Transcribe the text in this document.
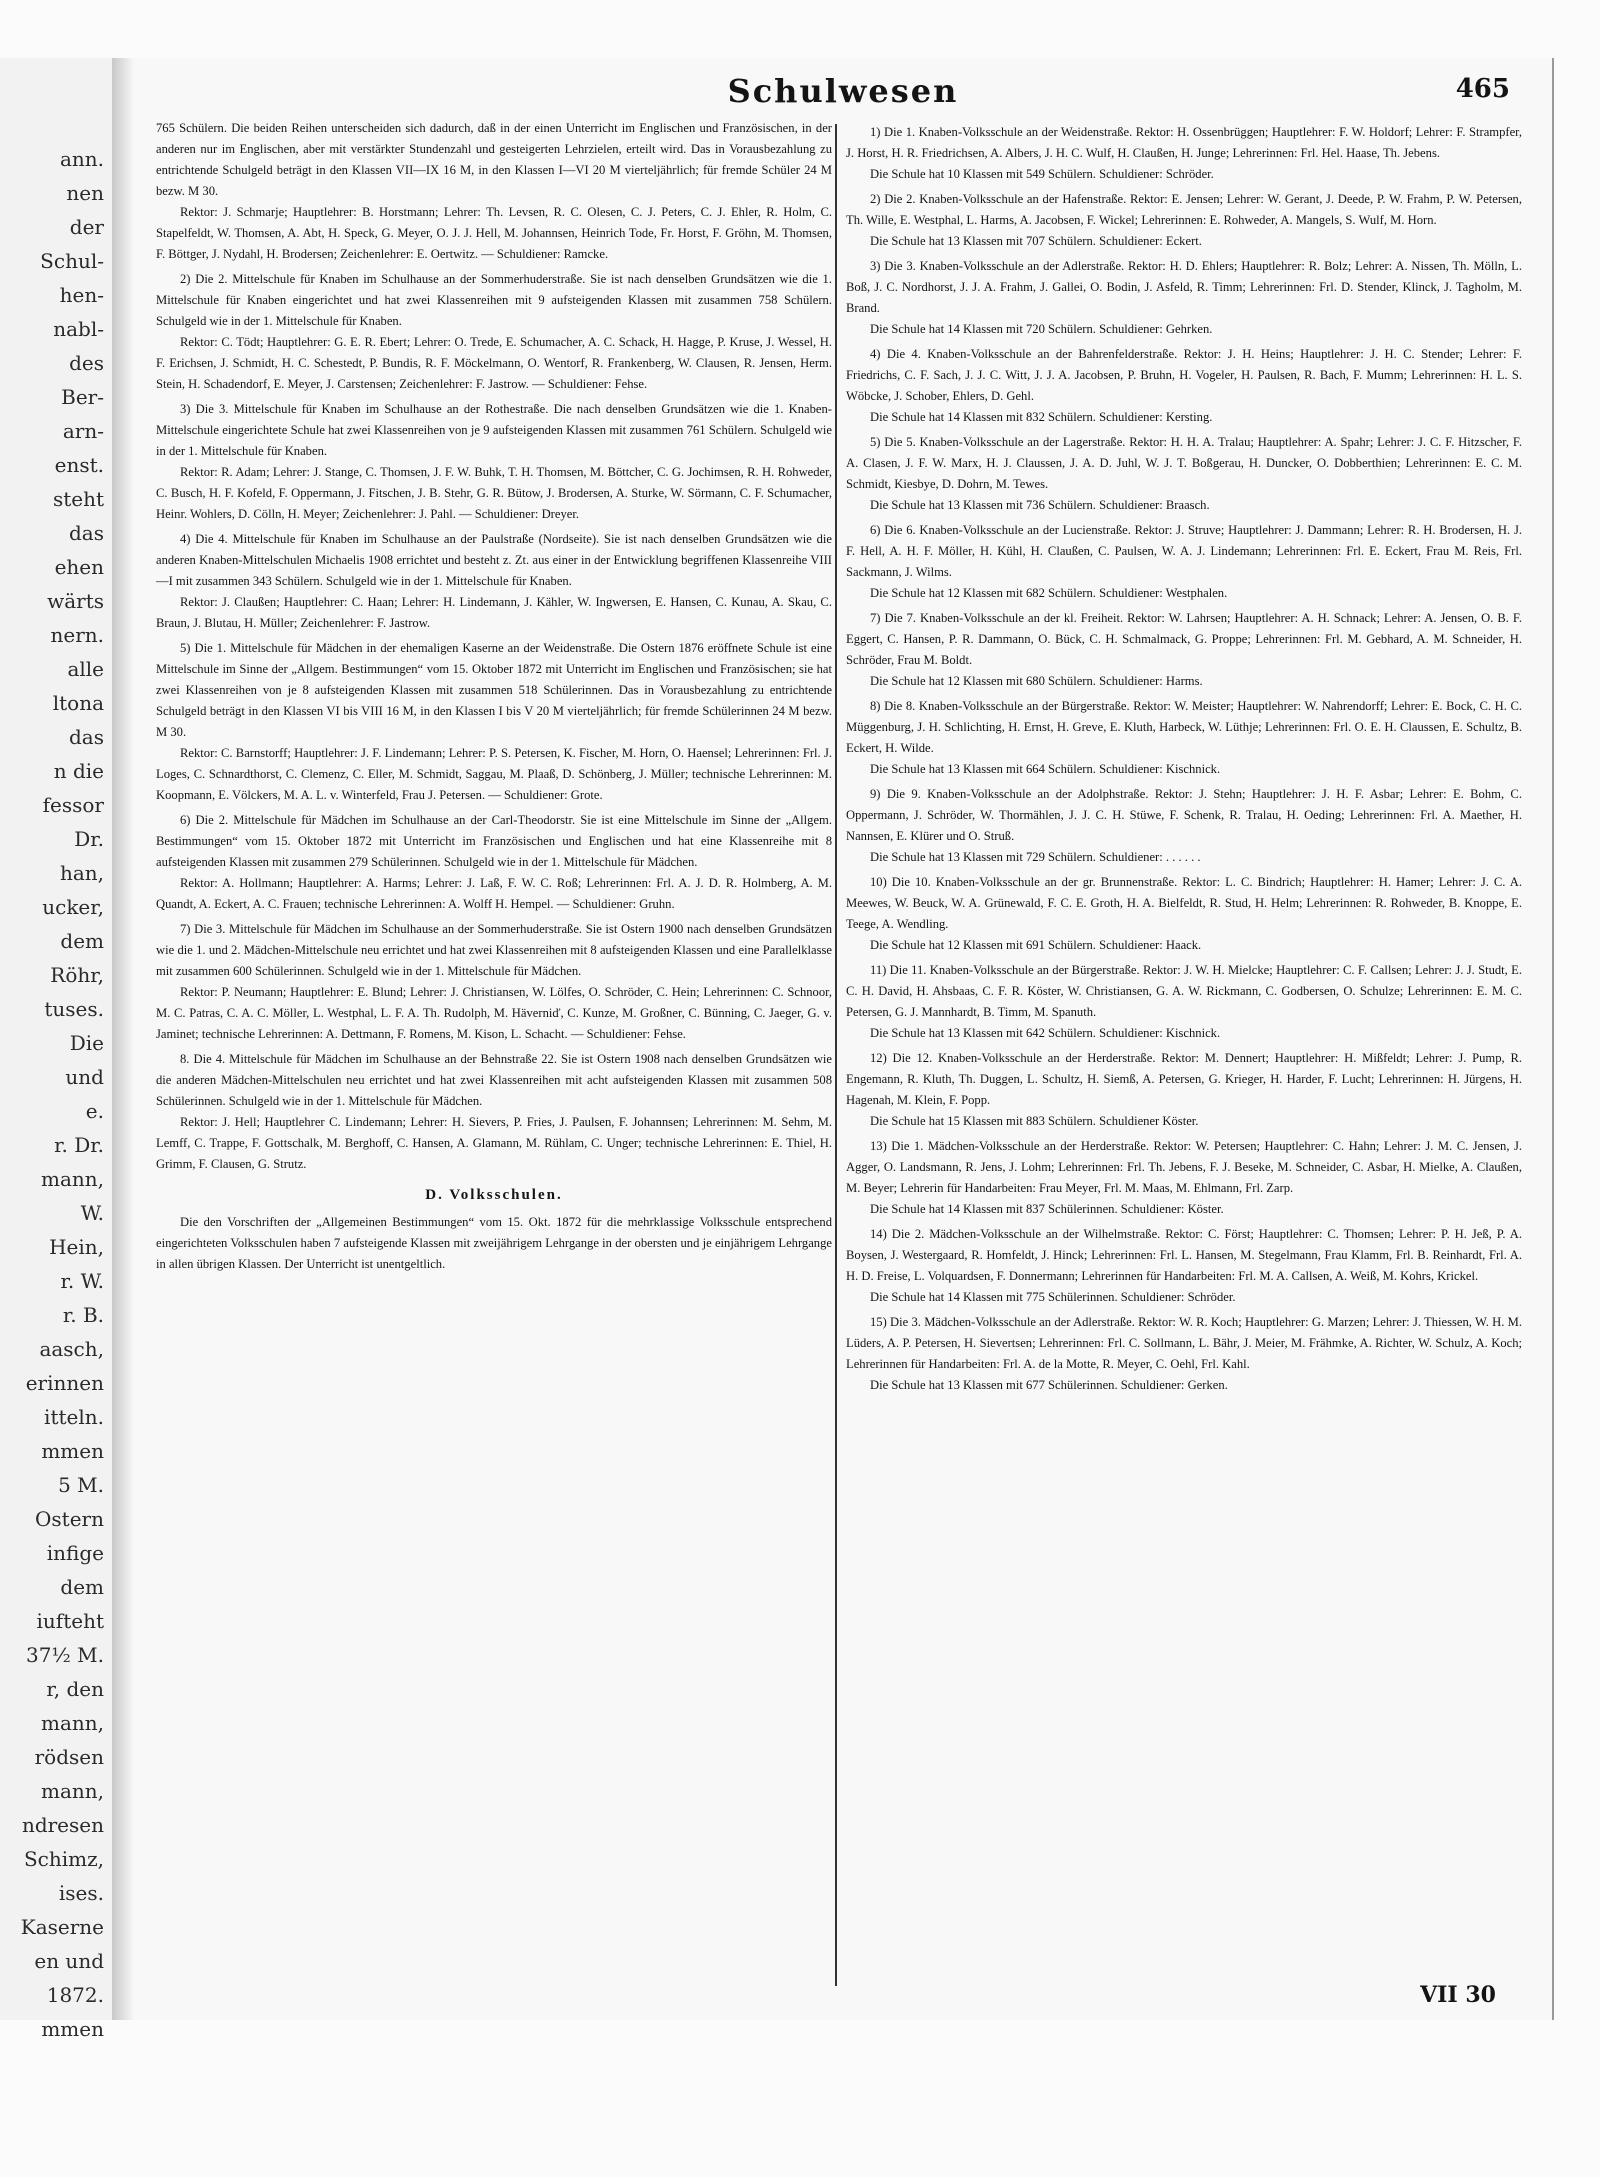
ann.
nen
der
Schul-
hen-
nabl-
des
Ber-
arn-
enst.
steht
das
ehen
wärts
nern.
alle
ltona
das
n die
fessor
Dr.
han,
ucker,
dem
Röhr,
tuses.
Die
und
e.
r. Dr.
mann,
W.
Hein,
r. W.
r. B.
aasch,
erinnen
itteln.
mmen
5 M.
Ostern
infige
dem
iufteht
37½ M.
r, den
mann,
rödsen
mann,
ndresen
Schimz,
ises.
Kaserne
en und
1872.
mmen
Schulwesen	465

765 Schülern. Die beiden Reihen unterscheiden sich dadurch, daß in der einen Unterricht im Englischen und Französischen, in der anderen nur im Englischen, aber mit verstärkter Stundenzahl und gesteigerten Lehrzielen, erteilt wird. Das in Vorausbezahlung zu entrichtende Schulgeld beträgt in den Klassen VII—IX 16 M, in den Klassen I—VI 20 M vierteljährlich; für fremde Schüler 24 M bezw. M 30.

Rektor: J. Schmarje; Hauptlehrer: B. Horstmann; Lehrer: Th. Levsen, R. C. Olesen, C. J. Peters, C. J. Ehler, R. Holm, C. Stapelfeldt, W. Thomsen, A. Abt, H. Speck, G. Meyer, O. J. J. Hell, M. Johannsen, Heinrich Tode, Fr. Horst, F. Gröhn, M. Thomsen, F. Böttger, J. Nydahl, H. Brodersen; Zeichenlehrer: E. Oertwitz. — Schuldiener: Ramcke.

2) Die 2. Mittelschule für Knaben im Schulhause an der Sommerhuderstraße. Sie ist nach denselben Grundsätzen wie die 1. Mittelschule für Knaben eingerichtet und hat zwei Klassenreihen mit 9 aufsteigenden Klassen mit zusammen 758 Schülern. Schulgeld wie in der 1. Mittelschule für Knaben.

Rektor: C. Tödt; Hauptlehrer: G. E. R. Ebert; Lehrer: O. Trede, E. Schumacher, A. C. Schack, H. Hagge, P. Kruse, J. Wessel, H. F. Erichsen, J. Schmidt, H. C. Schestedt, P. Bundis, R. F. Möckelmann, O. Wentorf, R. Frankenberg, W. Clausen, R. Jensen, Herm. Stein, H. Schadendorf, E. Meyer, J. Carstensen; Zeichenlehrer: F. Jastrow. — Schuldiener: Fehse.

3) Die 3. Mittelschule für Knaben im Schulhause an der Rothestraße. Die nach denselben Grundsätzen wie die 1. Knaben-Mittelschule eingerichtete Schule hat zwei Klassenreihen von je 9 aufsteigenden Klassen mit zusammen 761 Schülern. Schulgeld wie in der 1. Mittelschule für Knaben.

Rektor: R. Adam; Lehrer: J. Stange, C. Thomsen, J. F. W. Buhk, T. H. Thomsen, M. Böttcher, C. G. Jochimsen, R. H. Rohweder, C. Busch, H. F. Kofeld, F. Oppermann, J. Fitschen, J. B. Stehr, G. R. Bütow, J. Brodersen, A. Sturke, W. Sörmann, C. F. Schumacher, Heinr. Wohlers, D. Cölln, H. Meyer; Zeichenlehrer: J. Pahl. — Schuldiener: Dreyer.

4) Die 4. Mittelschule für Knaben im Schulhause an der Paulstraße (Nordseite). Sie ist nach denselben Grundsätzen wie die anderen Knaben-Mittelschulen Michaelis 1908 errichtet und besteht z. Zt. aus einer in der Entwicklung begriffenen Klassenreihe VIII—I mit zusammen 343 Schülern. Schulgeld wie in der 1. Mittelschule für Knaben.

Rektor: J. Claußen; Hauptlehrer: C. Haan; Lehrer: H. Lindemann, J. Kähler, W. Ingwersen, E. Hansen, C. Kunau, A. Skau, C. Braun, J. Blutau, H. Müller; Zeichenlehrer: F. Jastrow.

5) Die 1. Mittelschule für Mädchen in der ehemaligen Kaserne an der Weidenstraße. Die Ostern 1876 eröffnete Schule ist eine Mittelschule im Sinne der „Allgem. Bestimmungen“ vom 15. Oktober 1872 mit Unterricht im Englischen und Französischen; sie hat zwei Klassenreihen von je 8 aufsteigenden Klassen mit zusammen 518 Schülerinnen. Das in Vorausbezahlung zu entrichtende Schulgeld beträgt in den Klassen VI bis VIII 16 M, in den Klassen I bis V 20 M vierteljährlich; für fremde Schülerinnen 24 M bezw. M 30.

Rektor: C. Barnstorff; Hauptlehrer: J. F. Lindemann; Lehrer: P. S. Petersen, K. Fischer, M. Horn, O. Haensel; Lehrerinnen: Frl. J. Loges, C. Schnardthorst, C. Clemenz, C. Eller, M. Schmidt, Saggau, M. Plaaß, D. Schönberg, J. Müller; technische Lehrerinnen: M. Koopmann, E. Völckers, M. A. L. v. Winterfeld, Frau J. Petersen. — Schuldiener: Grote.

6) Die 2. Mittelschule für Mädchen im Schulhause an der Carl-Theodorstr. Sie ist eine Mittelschule im Sinne der „Allgem. Bestimmungen“ vom 15. Oktober 1872 mit Unterricht im Französischen und Englischen und hat eine Klassenreihe mit 8 aufsteigenden Klassen mit zusammen 279 Schülerinnen. Schulgeld wie in der 1. Mittelschule für Mädchen.

Rektor: A. Hollmann; Hauptlehrer: A. Harms; Lehrer: J. Laß, F. W. C. Roß; Lehrerinnen: Frl. A. J. D. R. Holmberg, A. M. Quandt, A. Eckert, A. C. Frauen; technische Lehrerinnen: A. Wolff H. Hempel. — Schuldiener: Gruhn.

7) Die 3. Mittelschule für Mädchen im Schulhause an der Sommerhuderstraße. Sie ist Ostern 1900 nach denselben Grundsätzen wie die 1. und 2. Mädchen-Mittelschule neu errichtet und hat zwei Klassenreihen mit 8 aufsteigenden Klassen und eine Parallelklasse mit zusammen 600 Schülerinnen. Schulgeld wie in der 1. Mittelschule für Mädchen.

Rektor: P. Neumann; Hauptlehrer: E. Blund; Lehrer: J. Christiansen, W. Lölfes, O. Schröder, C. Hein; Lehrerinnen: C. Schnoor, M. C. Patras, C. A. C. Möller, L. Westphal, L. F. A. Th. Rudolph, M. Häverniď, C. Kunze, M. Großner, C. Bünning, C. Jaeger, G. v. Jaminet; technische Lehrerinnen: A. Dettmann, F. Romens, M. Kison, L. Schacht. — Schuldiener: Fehse.

8. Die 4. Mittelschule für Mädchen im Schulhause an der Behnstraße 22. Sie ist Ostern 1908 nach denselben Grundsätzen wie die anderen Mädchen-Mittelschulen neu errichtet und hat zwei Klassenreihen mit acht aufsteigenden Klassen mit zusammen 508 Schülerinnen. Schulgeld wie in der 1. Mittelschule für Mädchen.

Rektor: J. Hell; Hauptlehrer C. Lindemann; Lehrer: H. Sievers, P. Fries, J. Paulsen, F. Johannsen; Lehrerinnen: M. Sehm, M. Lemff, C. Trappe, F. Gottschalk, M. Berghoff, C. Hansen, A. Glamann, M. Rühlam, C. Unger; technische Lehrerinnen: E. Thiel, H. Grimm, F. Clausen, G. Strutz.

D. Volksschulen.

Die den Vorschriften der „Allgemeinen Bestimmungen“ vom 15. Okt. 1872 für die mehrklassige Volksschule entsprechend eingerichteten Volksschulen haben 7 aufsteigende Klassen mit zweijährigem Lehrgange in der obersten und je einjährigem Lehrgange in allen übrigen Klassen. Der Unterricht ist unentgeltlich.

1) Die 1. Knaben-Volksschule an der Weidenstraße. Rektor: H. Ossenbrüggen; Hauptlehrer: F. W. Holdorf; Lehrer: F. Strampfer, J. Horst, H. R. Friedrichsen, A. Albers, J. H. C. Wulf, H. Claußen, H. Junge; Lehrerinnen: Frl. Hel. Haase, Th. Jebens.

Die Schule hat 10 Klassen mit 549 Schülern. Schuldiener: Schröder.

2) Die 2. Knaben-Volksschule an der Hafenstraße. Rektor: E. Jensen; Lehrer: W. Gerant, J. Deede, P. W. Frahm, P. W. Petersen, Th. Wille, E. Westphal, L. Harms, A. Jacobsen, F. Wickel; Lehrerinnen: E. Rohweder, A. Mangels, S. Wulf, M. Horn.

Die Schule hat 13 Klassen mit 707 Schülern. Schuldiener: Eckert.

3) Die 3. Knaben-Volksschule an der Adlerstraße. Rektor: H. D. Ehlers; Hauptlehrer: R. Bolz; Lehrer: A. Nissen, Th. Mölln, L. Boß, J. C. Nordhorst, J. J. A. Frahm, J. Gallei, O. Bodin, J. Asfeld, R. Timm; Lehrerinnen: Frl. D. Stender, Klinck, J. Tagholm, M. Brand.

Die Schule hat 14 Klassen mit 720 Schülern. Schuldiener: Gehrken.

4) Die 4. Knaben-Volksschule an der Bahrenfelderstraße. Rektor: J. H. Heins; Hauptlehrer: J. H. C. Stender; Lehrer: F. Friedrichs, C. F. Sach, J. J. C. Witt, J. J. A. Jacobsen, P. Bruhn, H. Vogeler, H. Paulsen, R. Bach, F. Mumm; Lehrerinnen: H. L. S. Wöbcke, J. Schober, Ehlers, D. Gehl.

Die Schule hat 14 Klassen mit 832 Schülern. Schuldiener: Kersting.

5) Die 5. Knaben-Volksschule an der Lagerstraße. Rektor: H. H. A. Tralau; Hauptlehrer: A. Spahr; Lehrer: J. C. F. Hitzscher, F. A. Clasen, J. F. W. Marx, H. J. Claussen, J. A. D. Juhl, W. J. T. Boßgerau, H. Duncker, O. Dobberthien; Lehrerinnen: E. C. M. Schmidt, Kiesbye, D. Dohrn, M. Tewes.

Die Schule hat 13 Klassen mit 736 Schülern. Schuldiener: Braasch.

6) Die 6. Knaben-Volksschule an der Lucienstraße. Rektor: J. Struve; Hauptlehrer: J. Dammann; Lehrer: R. H. Brodersen, H. J. F. Hell, A. H. F. Möller, H. Kühl, H. Claußen, C. Paulsen, W. A. J. Lindemann; Lehrerinnen: Frl. E. Eckert, Frau M. Reis, Frl. Sackmann, J. Wilms.

Die Schule hat 12 Klassen mit 682 Schülern. Schuldiener: Westphalen.

7) Die 7. Knaben-Volksschule an der kl. Freiheit. Rektor: W. Lahrsen; Hauptlehrer: A. H. Schnack; Lehrer: A. Jensen, O. B. F. Eggert, C. Hansen, P. R. Dammann, O. Bück, C. H. Schmalmack, G. Proppe; Lehrerinnen: Frl. M. Gebhard, A. M. Schneider, H. Schröder, Frau M. Boldt.

Die Schule hat 12 Klassen mit 680 Schülern. Schuldiener: Harms.

8) Die 8. Knaben-Volksschule an der Bürgerstraße. Rektor: W. Meister; Hauptlehrer: W. Nahrendorff; Lehrer: E. Bock, C. H. C. Müggenburg, J. H. Schlichting, H. Ernst, H. Greve, E. Kluth, Harbeck, W. Lüthje; Lehrerinnen: Frl. O. E. H. Claussen, E. Schultz, B. Eckert, H. Wilde.

Die Schule hat 13 Klassen mit 664 Schülern. Schuldiener: Kischnick.

9) Die 9. Knaben-Volksschule an der Adolphstraße. Rektor: J. Stehn; Hauptlehrer: J. H. F. Asbar; Lehrer: E. Bohm, C. Oppermann, J. Schröder, W. Thormählen, J. J. C. H. Stüwe, F. Schenk, R. Tralau, H. Oeding; Lehrerinnen: Frl. A. Maether, H. Nannsen, E. Klürer und O. Struß.

Die Schule hat 13 Klassen mit 729 Schülern. Schuldiener: . . . . . .

10) Die 10. Knaben-Volksschule an der gr. Brunnenstraße. Rektor: L. C. Bindrich; Hauptlehrer: H. Hamer; Lehrer: J. C. A. Meewes, W. Beuck, W. A. Grünewald, F. C. E. Groth, H. A. Bielfeldt, R. Stud, H. Helm; Lehrerinnen: R. Rohweder, B. Knoppe, E. Teege, A. Wendling.

Die Schule hat 12 Klassen mit 691 Schülern. Schuldiener: Haack.

11) Die 11. Knaben-Volksschule an der Bürgerstraße. Rektor: J. W. H. Mielcke; Hauptlehrer: C. F. Callsen; Lehrer: J. J. Studt, E. C. H. David, H. Ahsbaas, C. F. R. Köster, W. Christiansen, G. A. W. Rickmann, C. Godbersen, O. Schulze; Lehrerinnen: E. M. C. Petersen, G. J. Mannhardt, B. Timm, M. Spanuth.

Die Schule hat 13 Klassen mit 642 Schülern. Schuldiener: Kischnick.

12) Die 12. Knaben-Volksschule an der Herderstraße. Rektor: M. Dennert; Hauptlehrer: H. Mißfeldt; Lehrer: J. Pump, R. Engemann, R. Kluth, Th. Duggen, L. Schultz, H. Siemß, A. Petersen, G. Krieger, H. Harder, F. Lucht; Lehrerinnen: H. Jürgens, H. Hagenah, M. Klein, F. Popp.

Die Schule hat 15 Klassen mit 883 Schülern. Schuldiener Köster.

13) Die 1. Mädchen-Volksschule an der Herderstraße. Rektor: W. Petersen; Hauptlehrer: C. Hahn; Lehrer: J. M. C. Jensen, J. Agger, O. Landsmann, R. Jens, J. Lohm; Lehrerinnen: Frl. Th. Jebens, F. J. Beseke, M. Schneider, C. Asbar, H. Mielke, A. Claußen, M. Beyer; Lehrerin für Handarbeiten: Frau Meyer, Frl. M. Maas, M. Ehlmann, Frl. Zarp.

Die Schule hat 14 Klassen mit 837 Schülerinnen. Schuldiener: Köster.

14) Die 2. Mädchen-Volksschule an der Wilhelmstraße. Rektor: C. Först; Hauptlehrer: C. Thomsen; Lehrer: P. H. Jeß, P. A. Boysen, J. Westergaard, R. Homfeldt, J. Hinck; Lehrerinnen: Frl. L. Hansen, M. Stegelmann, Frau Klamm, Frl. B. Reinhardt, Frl. A. H. D. Freise, L. Volquardsen, F. Donnermann; Lehrerinnen für Handarbeiten: Frl. M. A. Callsen, A. Weiß, M. Kohrs, Krickel.

Die Schule hat 14 Klassen mit 775 Schülerinnen. Schuldiener: Schröder.

15) Die 3. Mädchen-Volksschule an der Adlerstraße. Rektor: W. R. Koch; Hauptlehrer: G. Marzen; Lehrer: J. Thiessen, W. H. M. Lüders, A. P. Petersen, H. Sievertsen; Lehrerinnen: Frl. C. Sollmann, L. Bähr, J. Meier, M. Frähmke, A. Richter, W. Schulz, A. Koch; Lehrerinnen für Handarbeiten: Frl. A. de la Motte, R. Meyer, C. Oehl, Frl. Kahl.

Die Schule hat 13 Klassen mit 677 Schülerinnen. Schuldiener: Gerken.

VII 30
